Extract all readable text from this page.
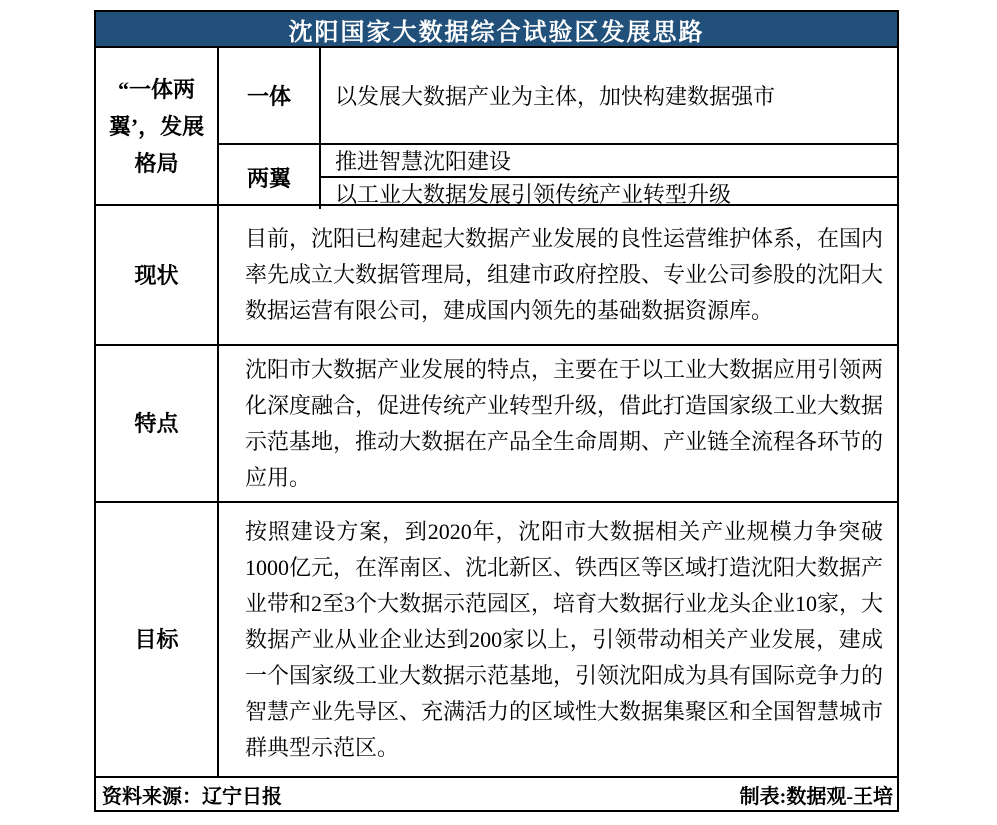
沈阳国家大数据综合试验区发展思路
“一体两翼’，发展格局
一体	以发展大数据产业为主体，加快构建数据强市
两翼
推进智慧沈阳建设
以工业大数据发展引领传统产业转型升级
现状
目前，沈阳已构建起大数据产业发展的良性运营维护体系，在国内率先成立大数据管理局，组建市政府控股、专业公司参股的沈阳大数据运营有限公司，建成国内领先的基础数据资源库。
特点
沈阳市大数据产业发展的特点，主要在于以工业大数据应用引领两化深度融合，促进传统产业转型升级，借此打造国家级工业大数据示范基地，推动大数据在产品全生命周期、产业链全流程各环节的应用。
目标
按照建设方案，到2020年，沈阳市大数据相关产业规模力争突破1000亿元，在浑南区、沈北新区、铁西区等区域打造沈阳大数据产业带和2至3个大数据示范园区，培育大数据行业龙头企业10家，大数据产业从业企业达到200家以上，引领带动相关产业发展，建成一个国家级工业大数据示范基地，引领沈阳成为具有国际竞争力的智慧产业先导区、充满活力的区域性大数据集聚区和全国智慧城市群典型示范区。
资料来源：辽宁日报	制表:数据观-王培
